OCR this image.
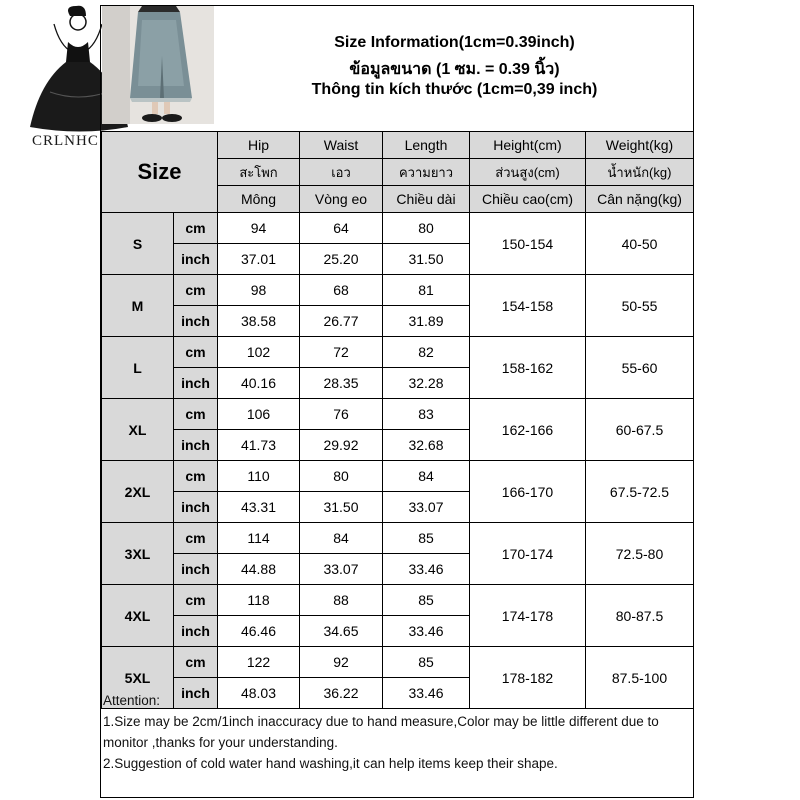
CRLNHC
Size Information(1cm=0.39inch)
ข้อมูลขนาด (1 ซม. = 0.39 นิ้ว)
Thông tin kích thước (1cm=0,39 inch)
Size		Hip	Waist	Length	Height(cm)	Weight(kg)
		สะโพก	เอว	ความยาว	ส่วนสูง(cm)	น้ำหนัก(kg)
		Mông	Vòng eo	Chiều dài	Chiều cao(cm)	Cân nặng(kg)
S	cm	94	64	80	150-154	40-50
	inch	37.01	25.20	31.50		
M	cm	98	68	81	154-158	50-55
	inch	38.58	26.77	31.89		
L	cm	102	72	82	158-162	55-60
	inch	40.16	28.35	32.28		
XL	cm	106	76	83	162-166	60-67.5
	inch	41.73	29.92	32.68		
2XL	cm	110	80	84	166-170	67.5-72.5
	inch	43.31	31.50	33.07		
3XL	cm	114	84	85	170-174	72.5-80
	inch	44.88	33.07	33.46		
4XL	cm	118	88	85	174-178	80-87.5
	inch	46.46	34.65	33.46		
5XL	cm	122	92	85	178-182	87.5-100
	inch	48.03	36.22	33.46		
Attention:
1.Size may be 2cm/1inch inaccuracy due to hand measure,Color may be little different due to
monitor ,thanks for your understanding.
2.Suggestion of cold water hand washing,it can help items keep their shape.
